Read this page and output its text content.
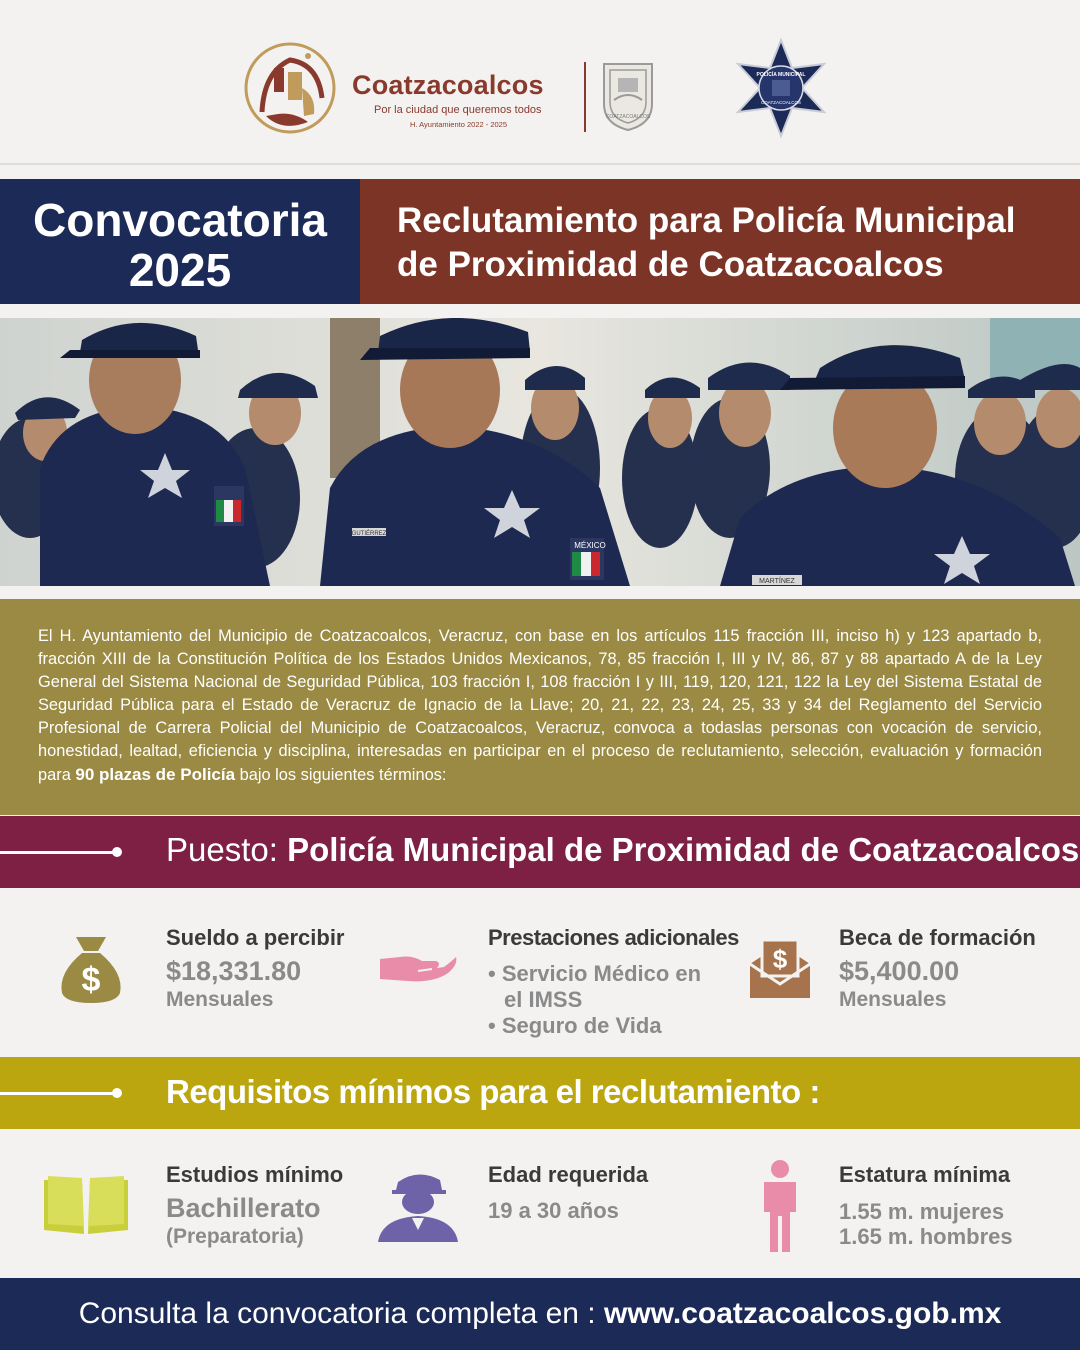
Coatzacoalcos
Por la ciudad que queremos todos
H. Ayuntamiento 2022 - 2025
COATZACOALCOS
POLICÍA MUNICIPAL
COATZACOALCOS
Convocatoria
2025
Reclutamiento para Policía Municipal
de Proximidad de Coatzacoalcos
MÉXICO
MARTÍNEZ
GUTIÉRREZ

El H. Ayuntamiento del Municipio de Coatzacoalcos, Veracruz, con base en los artículos 115 fracción III, inciso h) y 123 apartado b, fracción XIII de la Constitución Política de los Estados Unidos Mexicanos, 78, 85 fracción I, III y IV, 86, 87 y 88 apartado A de la Ley General del Sistema Nacional de Seguridad Pública, 103 fracción I, 108 fracción I y III, 119, 120, 121, 122 la Ley del Sistema Estatal de Seguridad Pública para el Estado de Veracruz de Ignacio de la Llave; 20, 21, 22, 23, 24, 25, 33 y 34 del Reglamento del Servicio Profesional de Carrera Policial del Municipio de Coatzacoalcos, Veracruz, convoca a todaslas personas con vocación de servicio, honestidad, lealtad, eficiencia y disciplina, interesadas en participar en el proceso de reclutamiento, selección, evaluación y formación para 90 plazas de Policía bajo los siguientes términos:

Puesto: Policía Municipal de Proximidad de Coatzacoalcos
$
Sueldo a percibir
$18,331.80
Mensuales
Prestaciones adicionales
• Servicio Médico en
el IMSS
• Seguro de Vida
$
Beca de formación
$5,400.00
Mensuales
Requisitos mínimos para el reclutamiento :
Estudios mínimo
Bachillerato
(Preparatoria)
Edad requerida
19 a 30 años
Estatura mínima
1.55 m. mujeres
1.65 m. hombres
Consulta la convocatoria completa en : www.coatzacoalcos.gob.mx
